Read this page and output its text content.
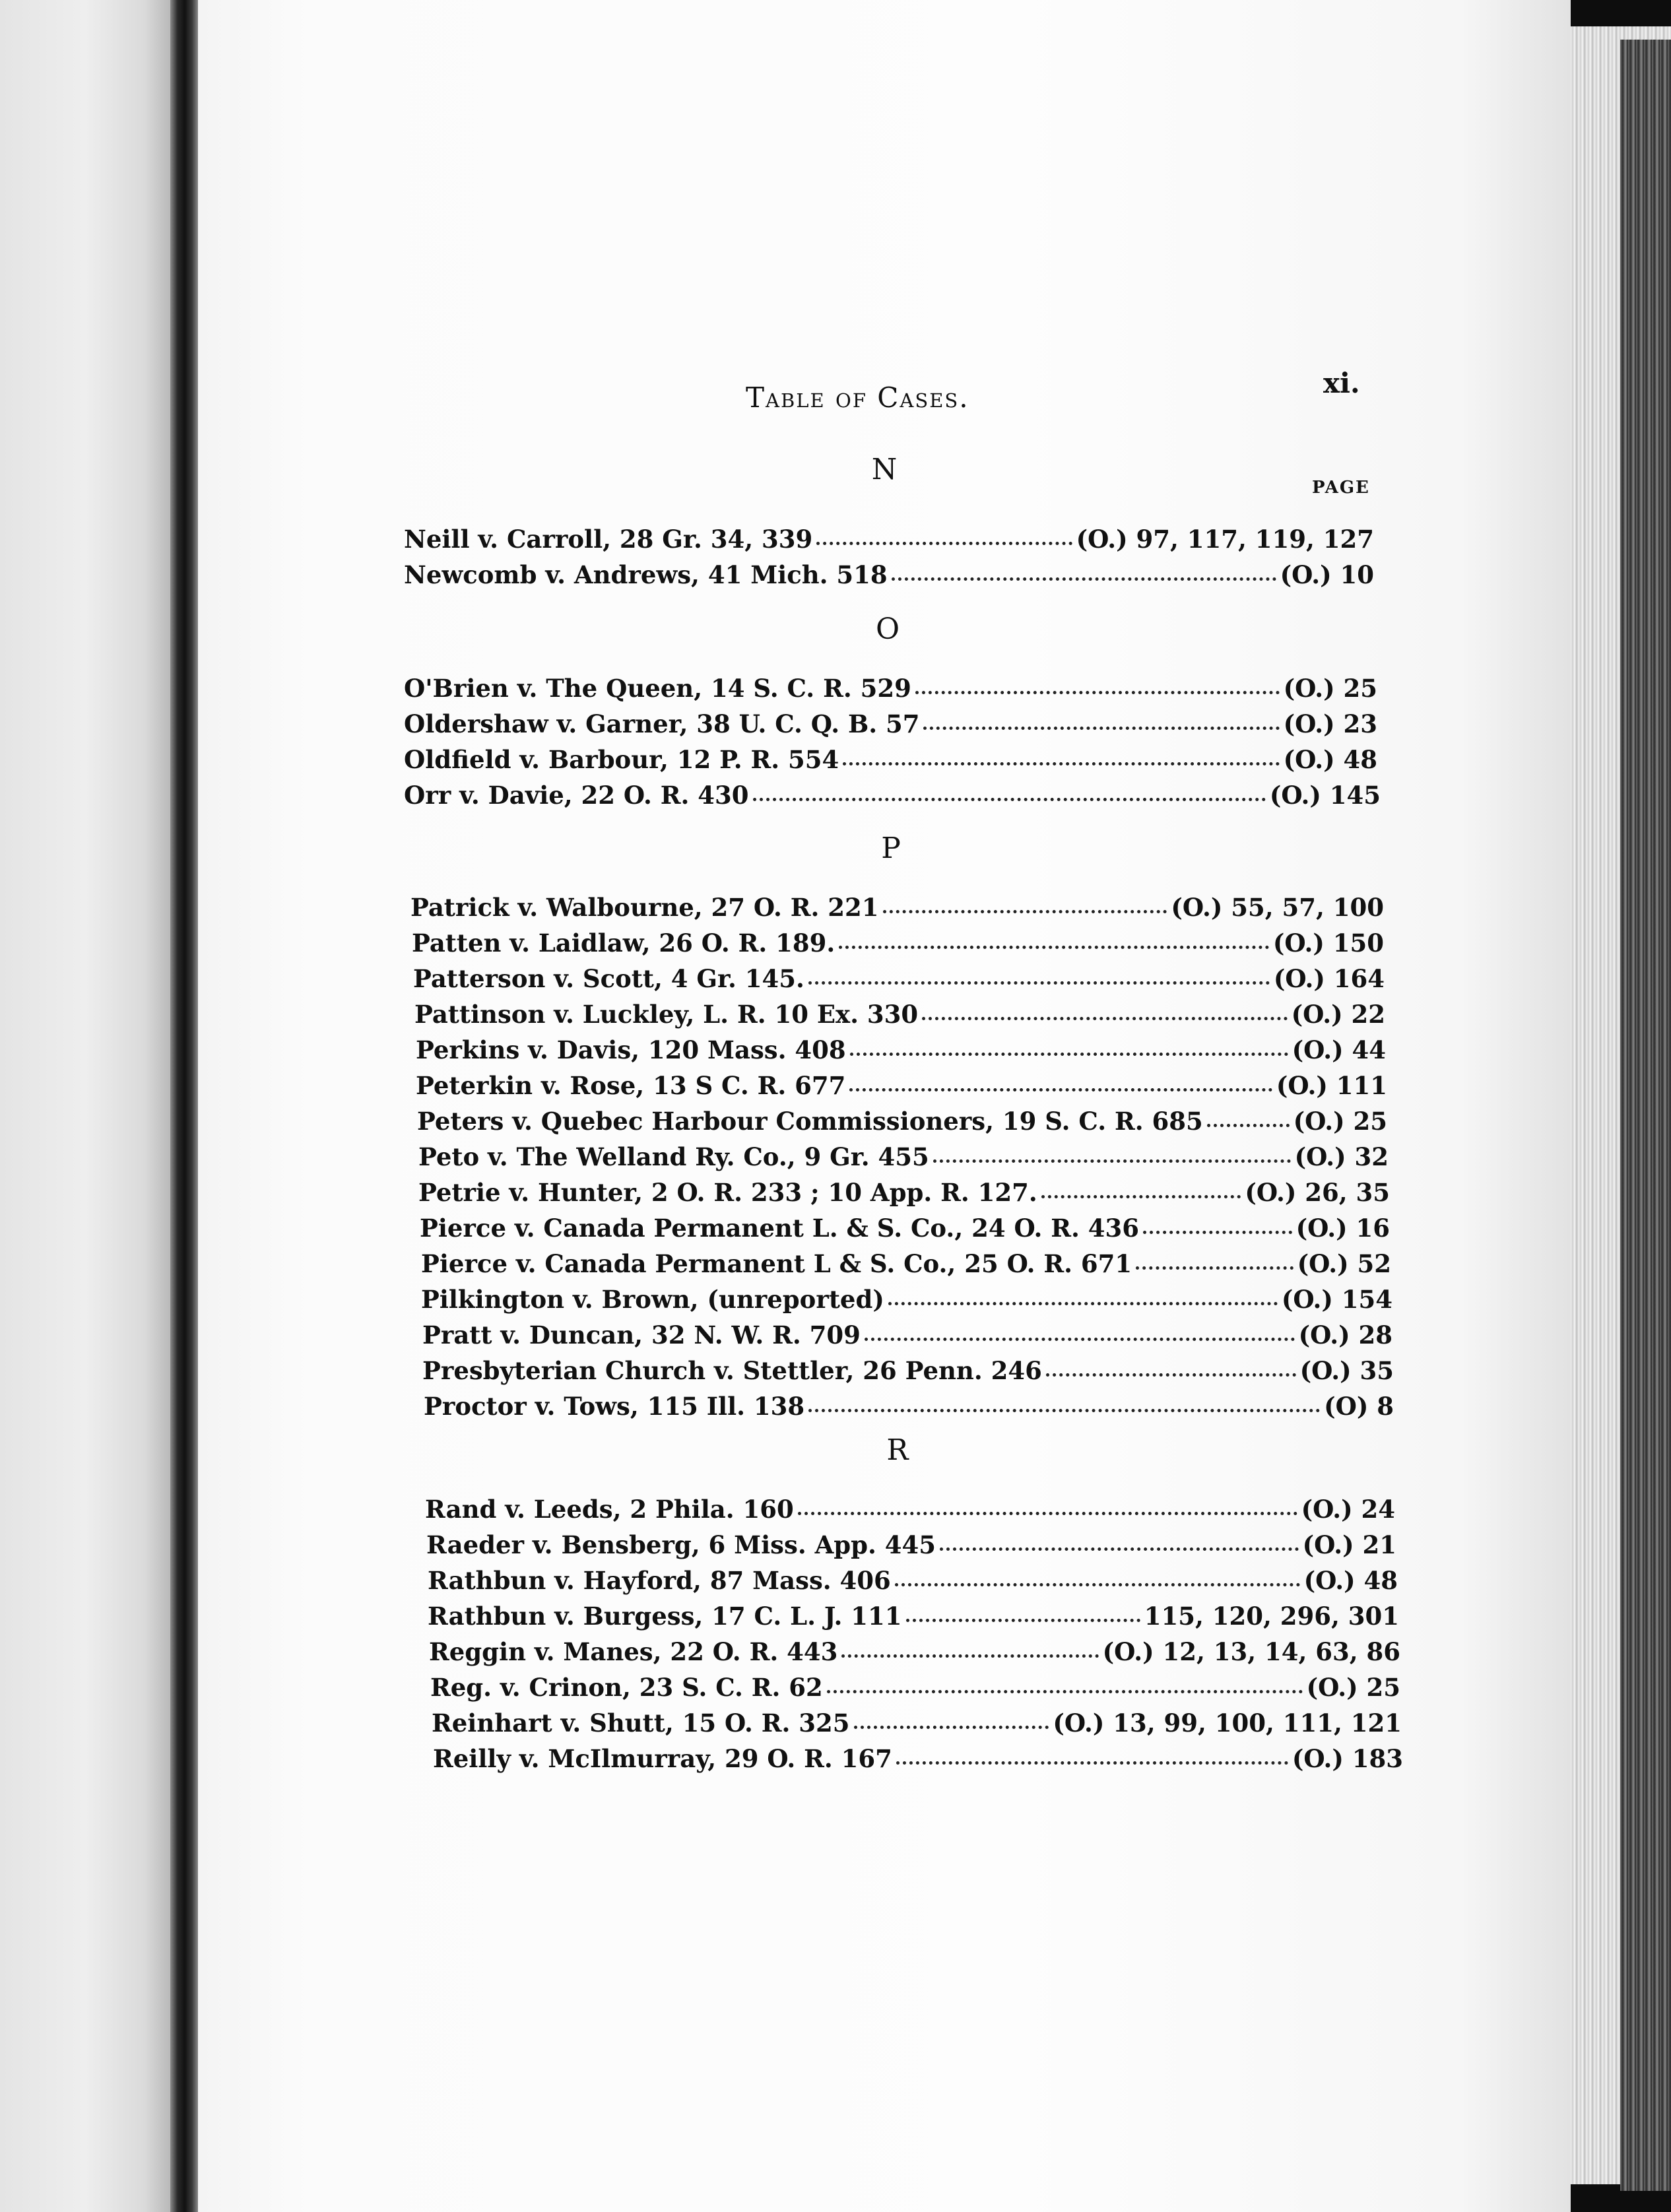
Table of Cases.	xi.
PAGE
N
Neill v. Carroll, 28 Gr. 34, 339	(O.) 97, 117, 119, 127
Newcomb v. Andrews, 41 Mich. 518	(O.) 10
O
O'Brien v. The Queen, 14 S. C. R. 529	(O.) 25
Oldershaw v. Garner, 38 U. C. Q. B. 57	(O.) 23
Oldfield v. Barbour, 12 P. R. 554	(O.) 48
Orr v. Davie, 22 O. R. 430	(O.) 145
P
Patrick v. Walbourne, 27 O. R. 221	(O.) 55, 57, 100
Patten v. Laidlaw, 26 O. R. 189.	(O.) 150
Patterson v. Scott, 4 Gr. 145.	(O.) 164
Pattinson v. Luckley, L. R. 10 Ex. 330	(O.) 22
Perkins v. Davis, 120 Mass. 408	(O.) 44
Peterkin v. Rose, 13 S C. R. 677	(O.) 111
Peters v. Quebec Harbour Commissioners, 19 S. C. R. 685	(O.) 25
Peto v. The Welland Ry. Co., 9 Gr. 455	(O.) 32
Petrie v. Hunter, 2 O. R. 233 ; 10 App. R. 127.	(O.) 26, 35
Pierce v. Canada Permanent L. & S. Co., 24 O. R. 436	(O.) 16
Pierce v. Canada Permanent L & S. Co., 25 O. R. 671	(O.) 52
Pilkington v. Brown, (unreported)	(O.) 154
Pratt v. Duncan, 32 N. W. R. 709	(O.) 28
Presbyterian Church v. Stettler, 26 Penn. 246	(O.) 35
Proctor v. Tows, 115 Ill. 138	(O) 8
R
Rand v. Leeds, 2 Phila. 160	(O.) 24
Raeder v. Bensberg, 6 Miss. App. 445	(O.) 21
Rathbun v. Hayford, 87 Mass. 406	(O.) 48
Rathbun v. Burgess, 17 C. L. J. 111	115, 120, 296, 301
Reggin v. Manes, 22 O. R. 443	(O.) 12, 13, 14, 63, 86
Reg. v. Crinon, 23 S. C. R. 62	(O.) 25
Reinhart v. Shutt, 15 O. R. 325	(O.) 13, 99, 100, 111, 121
Reilly v. McIlmurray, 29 O. R. 167	(O.) 183
